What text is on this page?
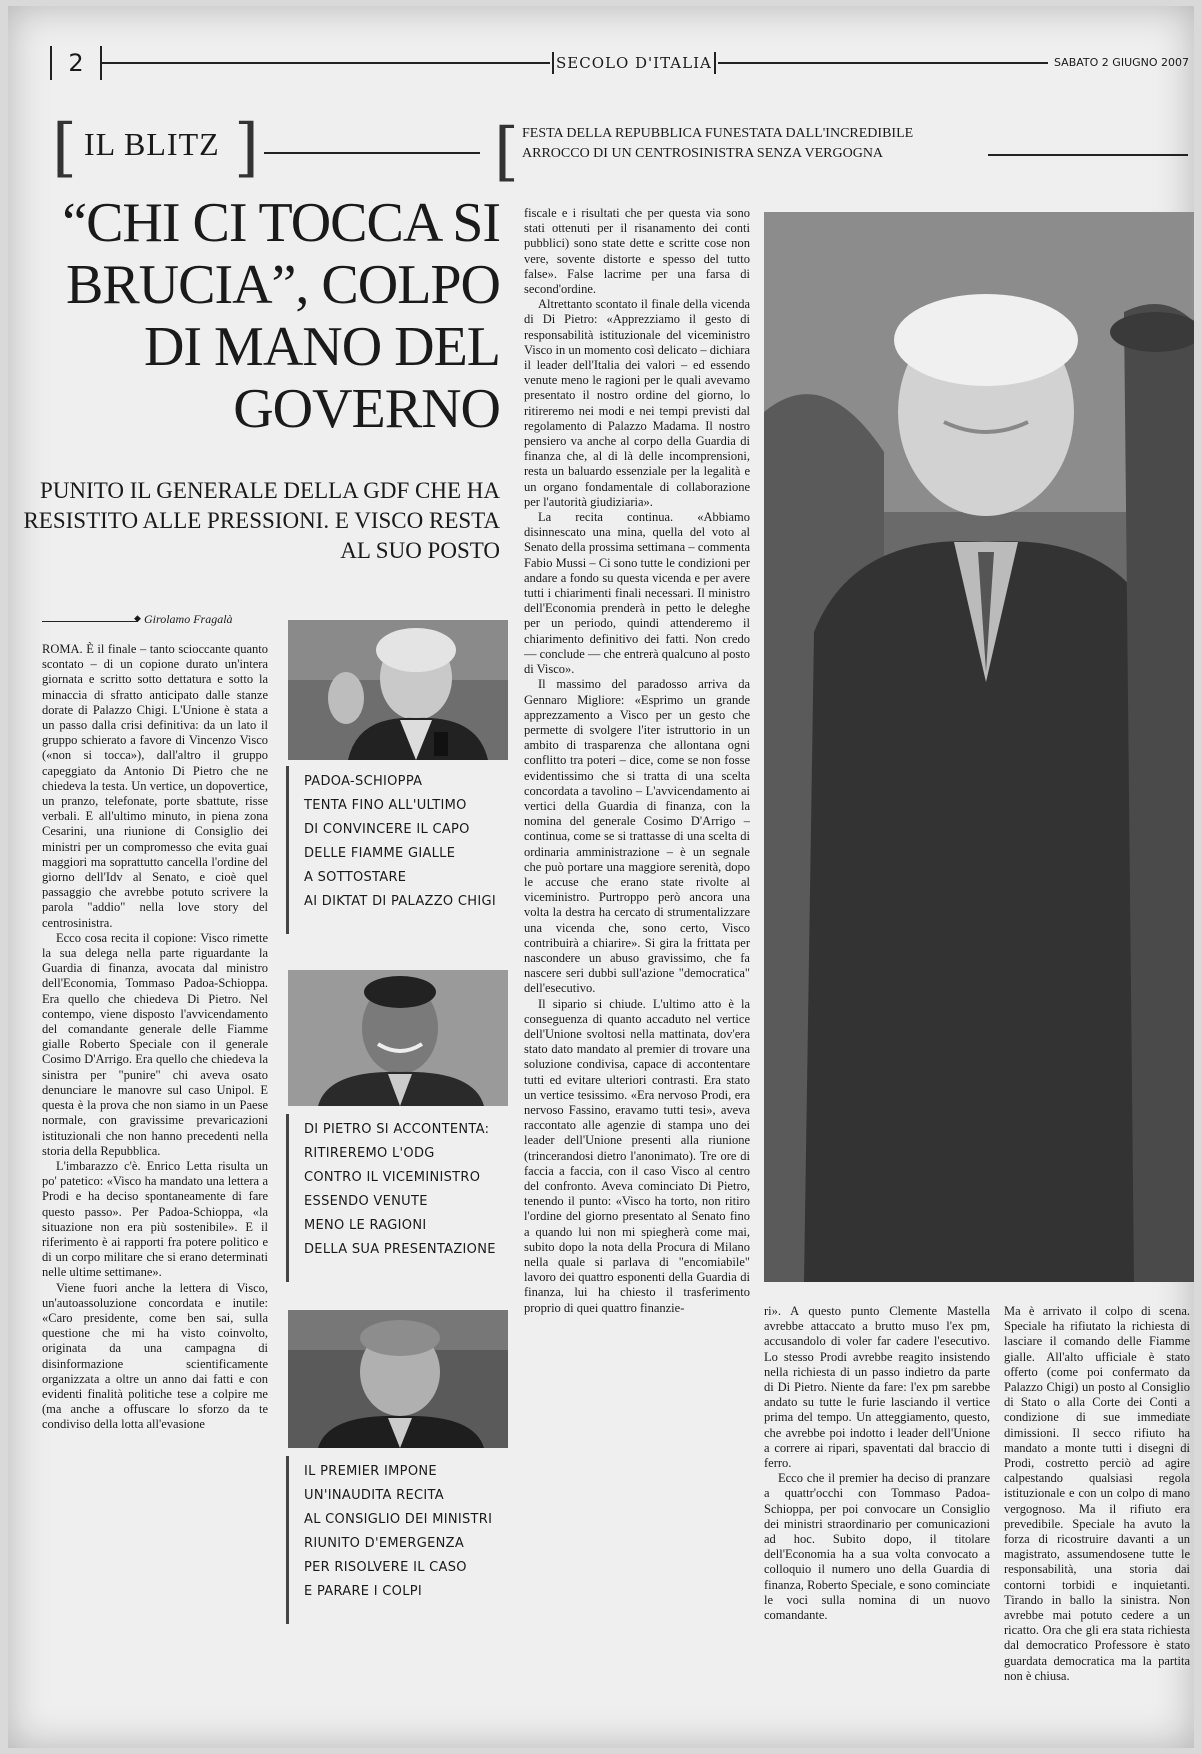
2	SECOLO D'ITALIA	SABATO 2 GIUGNO 2007
[ IL BLITZ ]	[ FESTA DELLA REPUBBLICA FUNESTATA DALL'INCREDIBILE
ARROCCO DI UN CENTROSINISTRA SENZA VERGOGNA
“CHI CI TOCCA SI BRUCIA”, COLPO DI MANO DEL GOVERNO
PUNITO IL GENERALE DELLA GDF CHE HA RESISTITO ALLE PRESSIONI. E VISCO RESTA AL SUO POSTO
◆ Girolamo Fragalà

ROMA. È il finale – tanto scioccante quanto scontato – di un copione durato un'intera giornata e scritto sotto dettatura e sotto la minaccia di sfratto anticipato dalle stanze dorate di Palazzo Chigi. L'Unione è stata a un passo dalla crisi definitiva: da un lato il gruppo schierato a favore di Vincenzo Visco («non si tocca»), dall'altro il gruppo capeggiato da Antonio Di Pietro che ne chiedeva la testa. Un vertice, un dopovertice, un pranzo, telefonate, porte sbattute, risse verbali. E all'ultimo minuto, in piena zona Cesarini, una riunione di Consiglio dei ministri per un compromesso che evita guai maggiori ma soprattutto cancella l'ordine del giorno dell'Idv al Senato, e cioè quel passaggio che avrebbe potuto scrivere la parola "addio" nella love story del centrosinistra.

Ecco cosa recita il copione: Visco rimette la sua delega nella parte riguardante la Guardia di finanza, avocata dal ministro dell'Economia, Tommaso Padoa-Schioppa. Era quello che chiedeva Di Pietro. Nel contempo, viene disposto l'avvicendamento del comandante generale delle Fiamme gialle Roberto Speciale con il generale Cosimo D'Arrigo. Era quello che chiedeva la sinistra per "punire" chi aveva osato denunciare le manovre sul caso Unipol. E questa è la prova che non siamo in un Paese normale, con gravissime prevaricazioni istituzionali che non hanno precedenti nella storia della Repubblica.

L'imbarazzo c'è. Enrico Letta risulta un po' patetico: «Visco ha mandato una lettera a Prodi e ha deciso spontaneamente di fare questo passo». Per Padoa-Schioppa, «la situazione non era più sostenibile». E il riferimento è ai rapporti fra potere politico e di un corpo militare che si erano determinati nelle ultime settimane».

Viene fuori anche la lettera di Visco, un'autoassoluzione concordata e inutile: «Caro presidente, come ben sai, sulla questione che mi ha visto coinvolto, originata da una campagna di disinformazione scientificamente organizzata a oltre un anno dai fatti e con evidenti finalità politiche tese a colpire me (ma anche a offuscare lo sforzo da te condiviso della lotta all'evasione

PADOA-SCHIOPPA
TENTA FINO ALL'ULTIMO
DI CONVINCERE IL CAPO
DELLE FIAMME GIALLE
A SOTTOSTARE
AI DIKTAT DI PALAZZO CHIGI
DI PIETRO SI ACCONTENTA:
RITIREREMO L'ODG
CONTRO IL VICEMINISTRO
ESSENDO VENUTE
MENO LE RAGIONI
DELLA SUA PRESENTAZIONE
IL PREMIER IMPONE
UN'INAUDITA RECITA
AL CONSIGLIO DEI MINISTRI
RIUNITO D'EMERGENZA
PER RISOLVERE IL CASO
E PARARE I COLPI

fiscale e i risultati che per questa via sono stati ottenuti per il risanamento dei conti pubblici) sono state dette e scritte cose non vere, sovente distorte e spesso del tutto false». False lacrime per una farsa di second'ordine.

Altrettanto scontato il finale della vicenda di Di Pietro: «Apprezziamo il gesto di responsabilità istituzionale del viceministro Visco in un momento così delicato – dichiara il leader dell'Italia dei valori – ed essendo venute meno le ragioni per le quali avevamo presentato il nostro ordine del giorno, lo ritireremo nei modi e nei tempi previsti dal regolamento di Palazzo Madama. Il nostro pensiero va anche al corpo della Guardia di finanza che, al di là delle incomprensioni, resta un baluardo essenziale per la legalità e un organo fondamentale di collaborazione per l'autorità giudiziaria».

La recita continua. «Abbiamo disinnescato una mina, quella del voto al Senato della prossima settimana – commenta Fabio Mussi – Ci sono tutte le condizioni per andare a fondo su questa vicenda e per avere tutti i chiarimenti finali necessari. Il ministro dell'Economia prenderà in petto le deleghe per un periodo, quindi attenderemo il chiarimento definitivo dei fatti. Non credo — conclude — che entrerà qualcuno al posto di Visco».

Il massimo del paradosso arriva da Gennaro Migliore: «Esprimo un grande apprezzamento a Visco per un gesto che permette di svolgere l'iter istruttorio in un ambito di trasparenza che allontana ogni conflitto tra poteri – dice, come se non fosse evidentissimo che si tratta di una scelta concordata a tavolino – L'avvicendamento ai vertici della Guardia di finanza, con la nomina del generale Cosimo D'Arrigo – continua, come se si trattasse di una scelta di ordinaria amministrazione – è un segnale che può portare una maggiore serenità, dopo le accuse che erano state rivolte al viceministro. Purtroppo però ancora una volta la destra ha cercato di strumentalizzare una vicenda che, sono certo, Visco contribuirà a chiarire». Si gira la frittata per nascondere un abuso gravissimo, che fa nascere seri dubbi sull'azione "democratica" dell'esecutivo.

Il sipario si chiude. L'ultimo atto è la conseguenza di quanto accaduto nel vertice dell'Unione svoltosi nella mattinata, dov'era stato dato mandato al premier di trovare una soluzione condivisa, capace di accontentare tutti ed evitare ulteriori contrasti. Era stato un vertice tesissimo. «Era nervoso Prodi, era nervoso Fassino, eravamo tutti tesi», aveva raccontato alle agenzie di stampa uno dei leader dell'Unione presenti alla riunione (trincerandosi dietro l'anonimato). Tre ore di faccia a faccia, con il caso Visco al centro del confronto. Aveva cominciato Di Pietro, tenendo il punto: «Visco ha torto, non ritiro l'ordine del giorno presentato al Senato fino a quando lui non mi spiegherà come mai, subito dopo la nota della Procura di Milano nella quale si parlava di "encomiabile" lavoro dei quattro esponenti della Guardia di finanza, lui ha chiesto il trasferimento proprio di quei quattro finanzie-	ri». A questo punto Clemente Mastella avrebbe attaccato a brutto muso l'ex pm, accusandolo di voler far cadere l'esecutivo. Lo stesso Prodi avrebbe reagito insistendo nella richiesta di un passo indietro da parte di Di Pietro. Niente da fare: l'ex pm sarebbe andato su tutte le furie lasciando il vertice prima del tempo. Un atteggiamento, questo, che avrebbe poi indotto i leader dell'Unione a correre ai ripari, spaventati dal braccio di ferro.

Ecco che il premier ha deciso di pranzare a quattr'occhi con Tommaso Padoa-Schioppa, per poi convocare un Consiglio dei ministri straordinario per comunicazioni ad hoc. Subito dopo, il titolare dell'Economia ha a sua volta convocato a colloquio il numero uno della Guardia di finanza, Roberto Speciale, e sono cominciate le voci sulla nomina di un nuovo comandante.

Ma è arrivato il colpo di scena. Speciale ha rifiutato la richiesta di lasciare il comando delle Fiamme gialle. All'alto ufficiale è stato offerto (come poi confermato da Palazzo Chigi) un posto al Consiglio di Stato o alla Corte dei Conti a condizione di sue immediate dimissioni. Il secco rifiuto ha mandato a monte tutti i disegni di Prodi, costretto perciò ad agire calpestando qualsiasi regola istituzionale e con un colpo di mano vergognoso. Ma il rifiuto era prevedibile. Speciale ha avuto la forza di ricostruire davanti a un magistrato, assumendosene tutte le responsabilità, una storia dai contorni torbidi e inquietanti. Tirando in ballo la sinistra. Non avrebbe mai potuto cedere a un ricatto. Ora che gli era stata richiesta dal democratico Professore è stato guardata democratica ma la partita non è chiusa.
